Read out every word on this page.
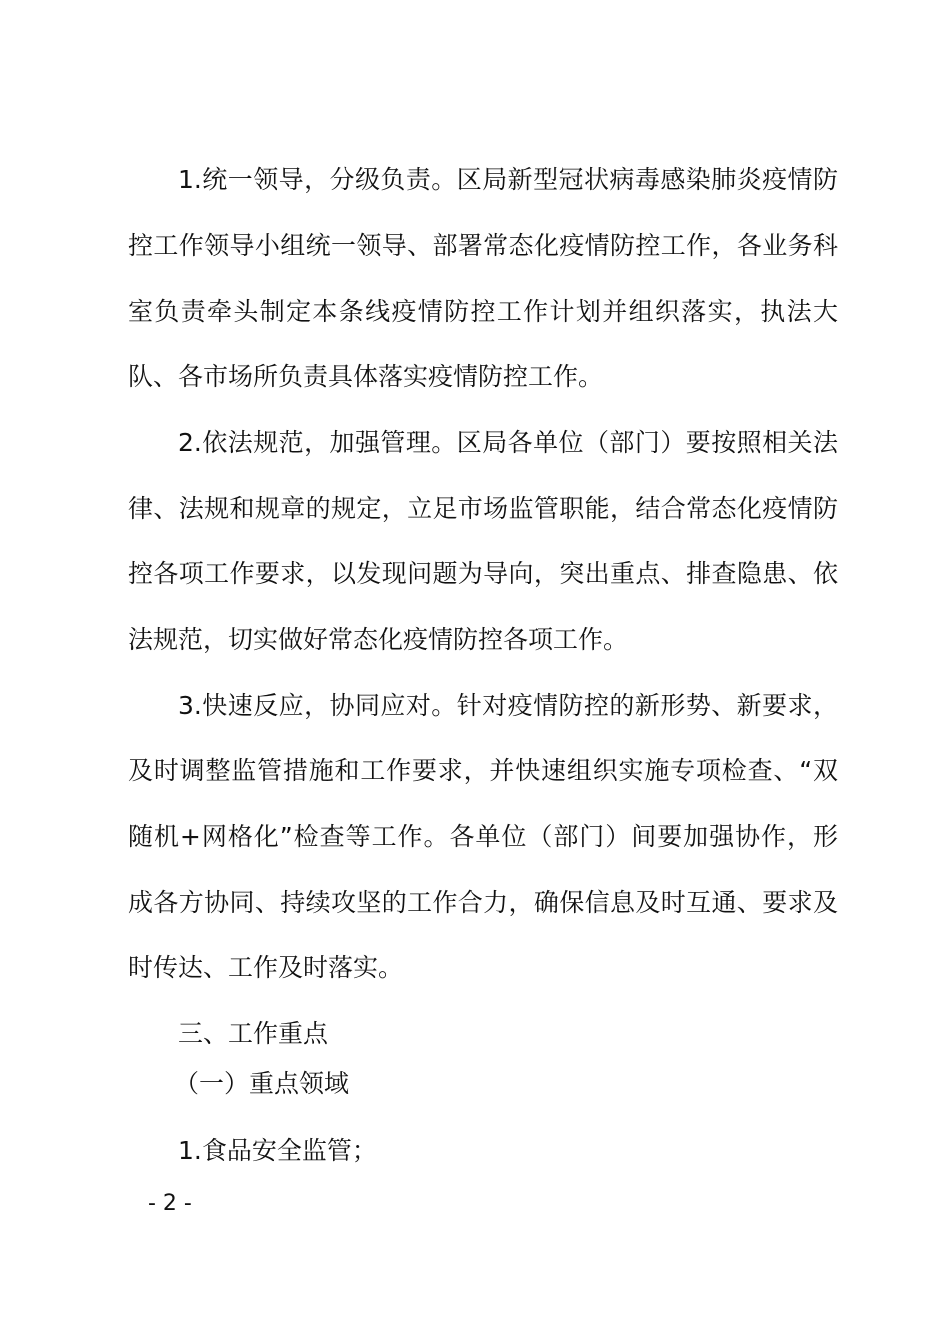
1.统一领导，分级负责。区局新型冠状病毒感染肺炎疫情防
控工作领导小组统一领导、部署常态化疫情防控工作，各业务科
室负责牵头制定本条线疫情防控工作计划并组织落实，执法大
队、各市场所负责具体落实疫情防控工作。
2.依法规范，加强管理。区局各单位（部门）要按照相关法
律、法规和规章的规定，立足市场监管职能，结合常态化疫情防
控各项工作要求，以发现问题为导向，突出重点、排查隐患、依
法规范，切实做好常态化疫情防控各项工作。
3.快速反应，协同应对。针对疫情防控的新形势、新要求，
及时调整监管措施和工作要求，并快速组织实施专项检查、“双
随机+网格化”检查等工作。各单位（部门）间要加强协作，形
成各方协同、持续攻坚的工作合力，确保信息及时互通、要求及
时传达、工作及时落实。
三、工作重点
（一）重点领域
1.食品安全监管；
- 2 -
